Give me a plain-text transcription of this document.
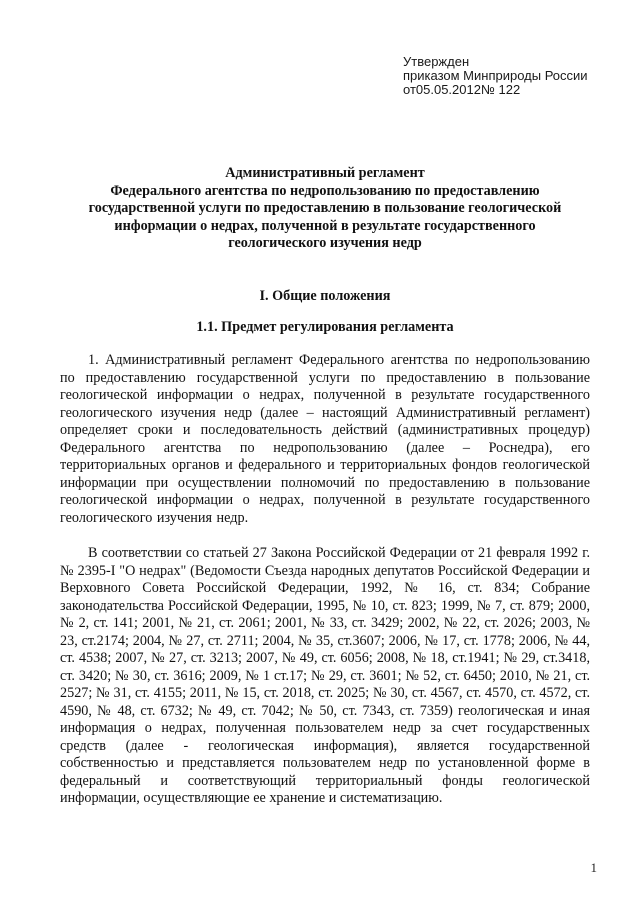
Утвержден
приказом Минприроды России
от05.05.2012№ 122
Административный регламент
Федерального агентства по недропользованию по предоставлению
государственной услуги по предоставлению в пользование геологической
информации о недрах, полученной в результате государственного
геологического изучения недр
I. Общие положения
1.1. Предмет регулирования регламента
1. Административный регламент Федерального агентства по недропользованию по предоставлению государственной услуги по предоставлению в пользование геологической информации о недрах, полученной в результате государственного геологического изучения недр (далее – настоящий Административный регламент) определяет сроки и последовательность действий (административных процедур) Федерального агентства по недропользованию (далее – Роснедра), его территориальных органов и федерального и территориальных фондов геологической информации при осуществлении полномочий по предоставлению в пользование геологической информации о недрах, полученной в результате государственного геологического изучения недр.
В соответствии со статьей 27 Закона Российской Федерации от 21 февраля 1992 г. № 2395-I "О недрах" (Ведомости Съезда народных депутатов Российской Федерации и Верховного Совета Российской Федерации, 1992, № 16, ст. 834; Собрание законодательства Российской Федерации, 1995, № 10, ст. 823; 1999, № 7, ст. 879; 2000, № 2, ст. 141; 2001, № 21, ст. 2061; 2001, № 33, ст. 3429; 2002, № 22, ст. 2026; 2003, № 23, ст.2174; 2004, № 27, ст. 2711; 2004, № 35, ст.3607; 2006, № 17, ст. 1778; 2006, № 44, ст. 4538; 2007, № 27, ст. 3213; 2007, № 49, ст. 6056; 2008, № 18, ст.1941; № 29, ст.3418, ст. 3420; № 30, ст. 3616; 2009, № 1 ст.17; № 29, ст. 3601; № 52, ст. 6450; 2010, № 21, ст. 2527; № 31, ст. 4155; 2011, № 15, ст. 2018, ст. 2025; № 30, ст. 4567, ст. 4570, ст. 4572, ст. 4590, № 48, ст. 6732; № 49, ст. 7042; № 50, ст. 7343, ст. 7359) геологическая и иная информация о недрах, полученная пользователем недр за счет государственных средств (далее - геологическая информация), является государственной собственностью и представляется пользователем недр по установленной форме в федеральный и соответствующий территориальный фонды геологической информации, осуществляющие ее хранение и систематизацию.
1
